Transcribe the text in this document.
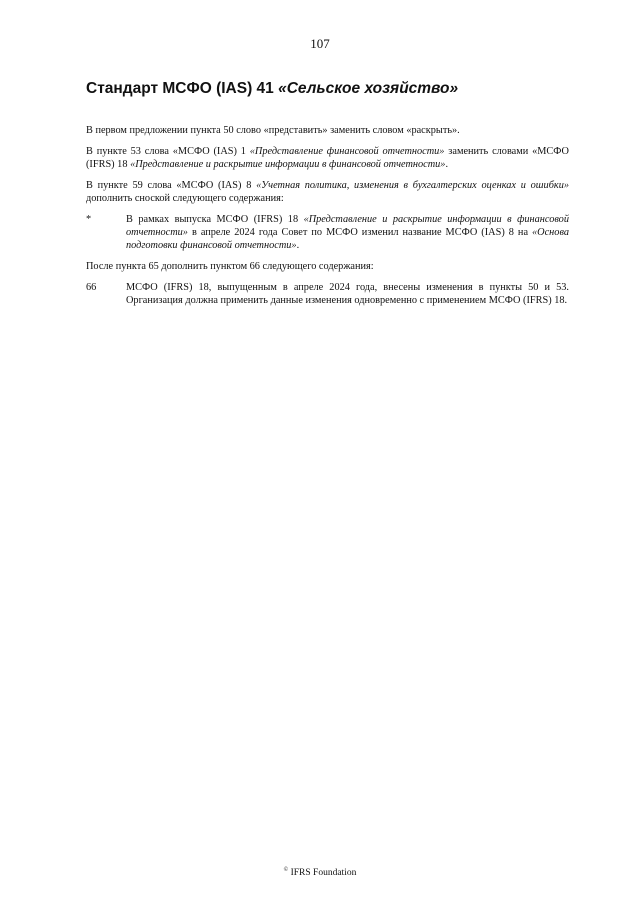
107
Стандарт МСФО (IAS) 41 «Сельское хозяйство»

В первом предложении пункта 50 слово «представить» заменить словом «раскрыть».

В пункте 53 слова «МСФО (IAS) 1 «Представление финансовой отчетности» заменить словами «МСФО (IFRS) 18 «Представление и раскрытие информации в финансовой отчетности».

В пункте 59 слова «МСФО (IAS) 8 «Учетная политика, изменения в бухгалтерских оценках и ошибки» дополнить сноской следующего содержания:

*	В рамках выпуска МСФО (IFRS) 18 «Представление и раскрытие информации в финансовой отчетности» в апреле 2024 года Совет по МСФО изменил название МСФО (IAS) 8 на «Основа подготовки финансовой отчетности».

После пункта 65 дополнить пунктом 66 следующего содержания:

66	МСФО (IFRS) 18, выпущенным в апреле 2024 года, внесены изменения в пункты 50 и 53. Организация должна применить данные изменения одновременно с применением МСФО (IFRS) 18.
© IFRS Foundation
